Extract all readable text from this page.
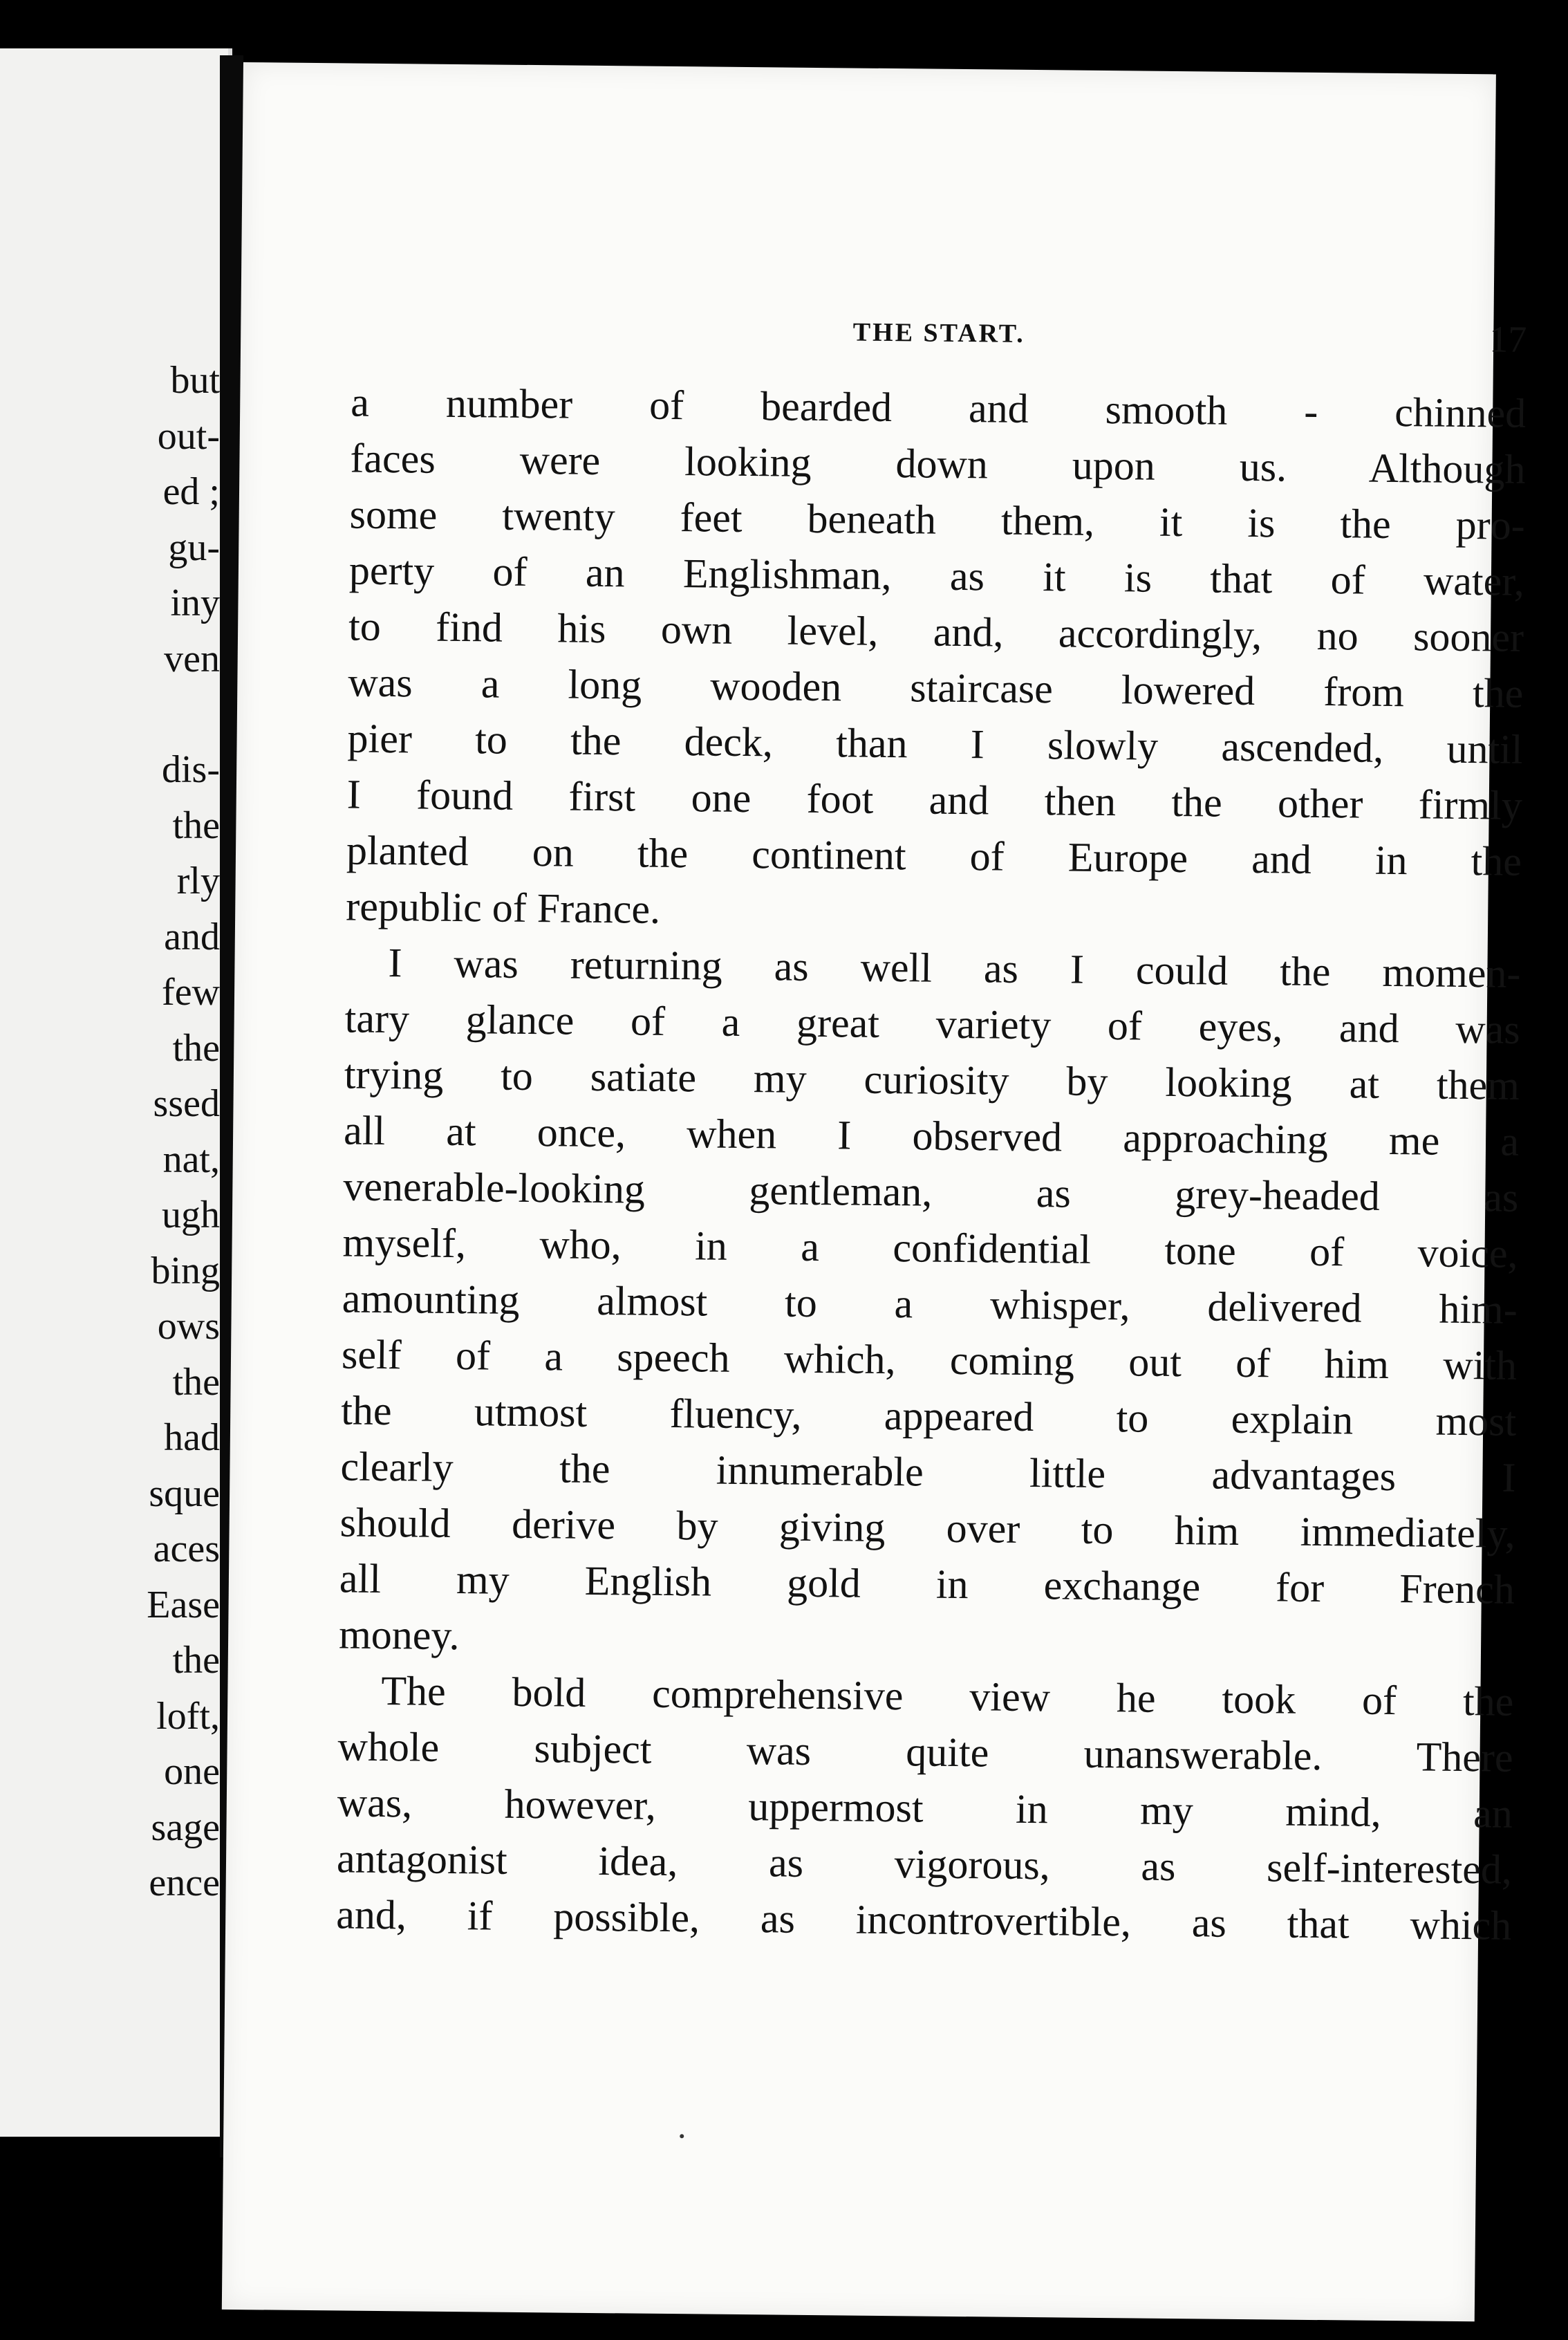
but
out-
ed ;
gu-
iny
ven
dis-
the
rly
and
few
the
ssed
nat,
ugh
bing
ows
the
had
sque
aces
Ease
the
loft,
one
sage
ence
THE START.	17
a number of bearded and smooth - chinned
faces were looking down upon us. Although
some twenty feet beneath them, it is the pro-
perty of an Englishman, as it is that of water,
to find his own level, and, accordingly, no sooner
was a long wooden staircase lowered from the
pier to the deck, than I slowly ascended, until
I found first one foot and then the other firmly
planted on the continent of Europe and in the
republic of France.
I was returning as well as I could the momen-
tary glance of a great variety of eyes, and was
trying to satiate my curiosity by looking at them
all at once, when I observed approaching me a
venerable-looking gentleman, as grey-headed as
myself, who, in a confidential tone of voice,
amounting almost to a whisper, delivered him-
self of a speech which, coming out of him with
the utmost fluency, appeared to explain most
clearly the innumerable little advantages I
should derive by giving over to him immediately,
all my English gold in exchange for French
money.
The bold comprehensive view he took of the
whole subject was quite unanswerable. There
was, however, uppermost in my mind, an
antagonist idea, as vigorous, as self-interested,
and, if possible, as incontrovertible, as that which
